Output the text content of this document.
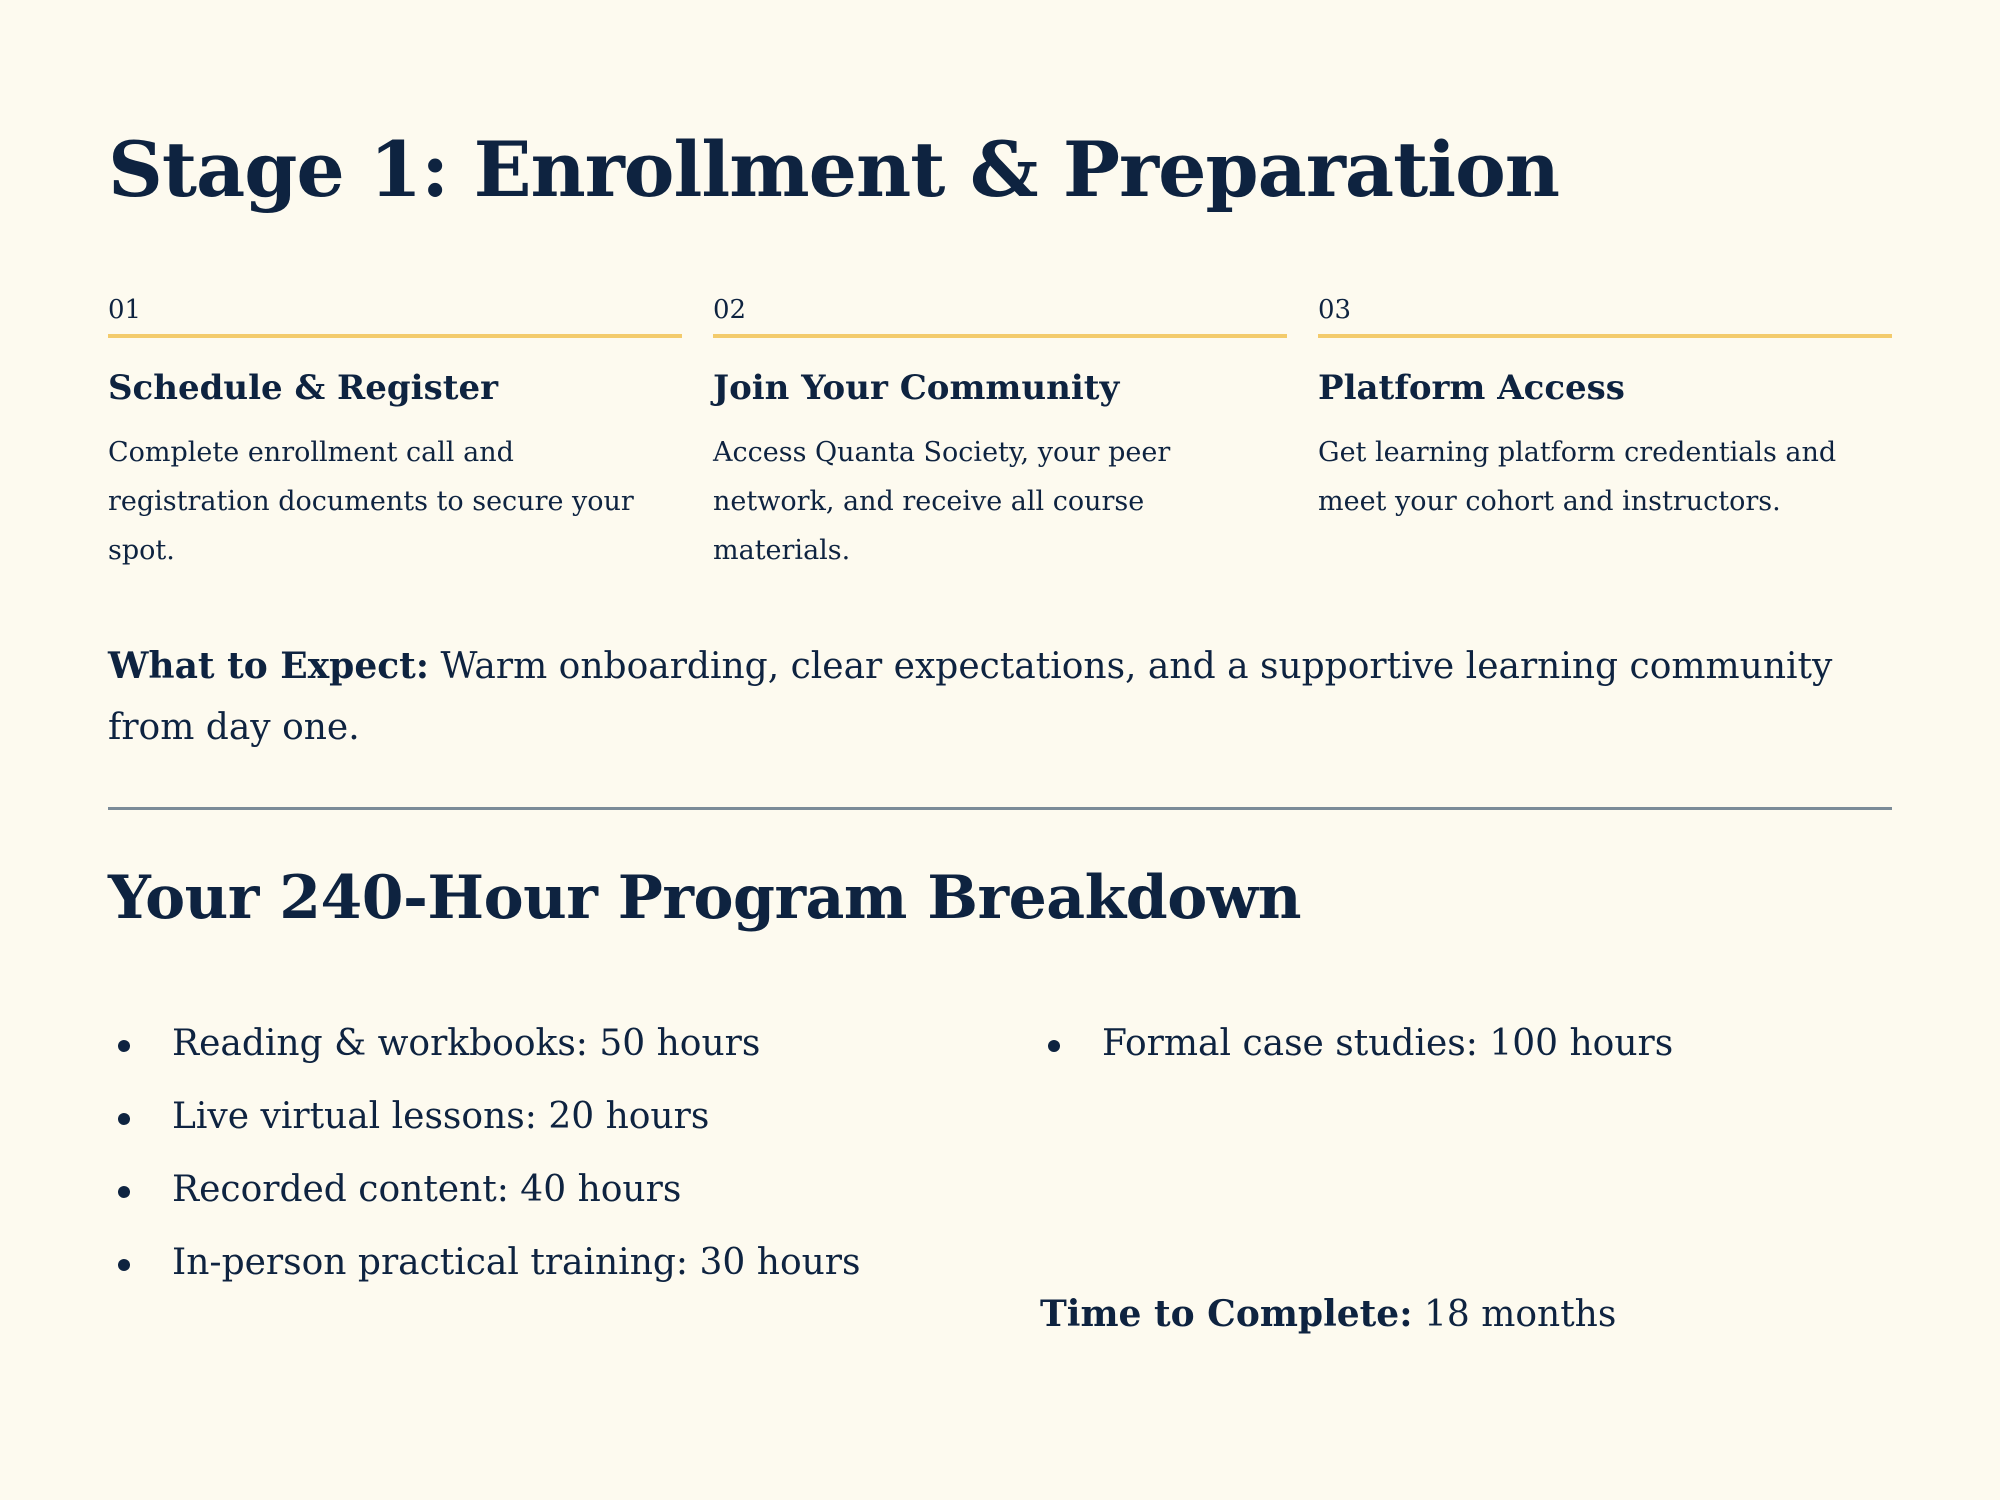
Stage 1: Enrollment & Preparation
01
Schedule & Register

Complete enrollment call and registration documents to secure your spot.

02
Join Your Community

Access Quanta Society, your peer network, and receive all course materials.

03
Platform Access

Get learning platform credentials and meet your cohort and instructors.

What to Expect: Warm onboarding, clear expectations, and a supportive learning community from day one.
Your 240-Hour Program Breakdown
Reading & workbooks: 50 hours
Live virtual lessons: 20 hours
Recorded content: 40 hours
In-person practical training: 30 hours
Formal case studies: 100 hours
Time to Complete: 18 months
